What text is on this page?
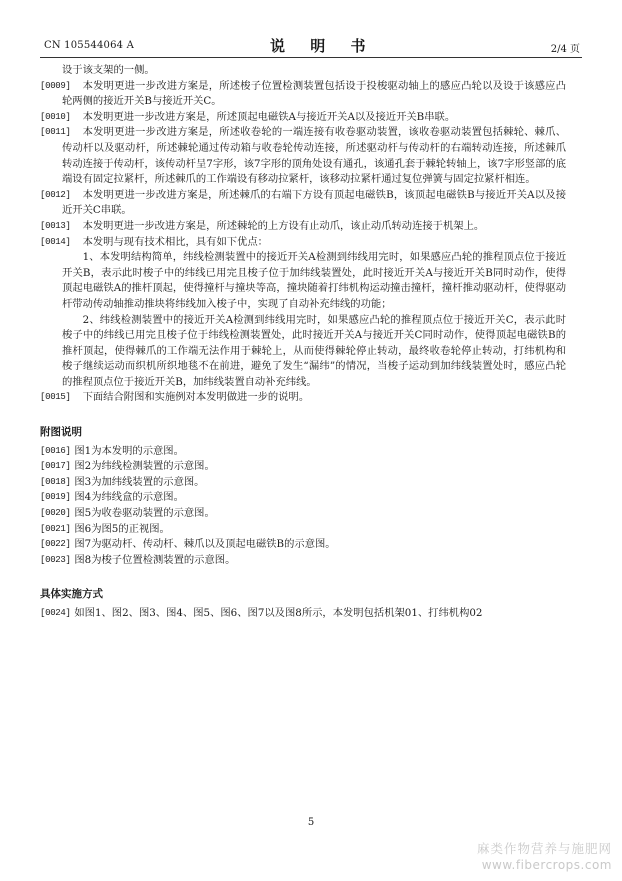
CN 105544064 A	说 明 书	2/4 页
设于该支架的一侧。
[0009]	本发明更进一步改进方案是，所述梭子位置检测装置包括设于投梭驱动轴上的感应凸轮以及设于该感应凸轮两侧的接近开关B与接近开关C。
[0010]	本发明更进一步改进方案是，所述顶起电磁铁A与接近开关A以及接近开关B串联。
[0011]	本发明更进一步改进方案是，所述收卷轮的一端连接有收卷驱动装置，该收卷驱动装置包括棘轮、棘爪、传动杆以及驱动杆，所述棘轮通过传动箱与收卷轮传动连接，所述驱动杆与传动杆的右端转动连接，所述棘爪转动连接于传动杆，该传动杆呈7字形，该7字形的顶角处设有通孔，该通孔套于棘轮转轴上，该7字形竖部的底端设有固定拉紧杆，所述棘爪的工作端设有移动拉紧杆，该移动拉紧杆通过复位弹簧与固定拉紧杆相连。
[0012]	本发明更进一步改进方案是，所述棘爪的右端下方设有顶起电磁铁B，该顶起电磁铁B与接近开关A以及接近开关C串联。
[0013]	本发明更进一步改进方案是，所述棘轮的上方设有止动爪，该止动爪转动连接于机架上。
[0014]	本发明与现有技术相比，具有如下优点：
1、本发明结构简单，纬线检测装置中的接近开关A检测到纬线用完时，如果感应凸轮的推程顶点位于接近开关B，表示此时梭子中的纬线已用完且梭子位于加纬线装置处，此时接近开关A与接近开关B同时动作，使得顶起电磁铁A的推杆顶起，使得撞杆与撞块等高，撞块随着打纬机构运动撞击撞杆，撞杆推动驱动杆，使得驱动杆带动传动轴推动推块将纬线加入梭子中，实现了自动补充纬线的功能；
2、纬线检测装置中的接近开关A检测到纬线用完时，如果感应凸轮的推程顶点位于接近开关C，表示此时梭子中的纬线已用完且梭子位于纬线检测装置处，此时接近开关A与接近开关C同时动作，使得顶起电磁铁B的推杆顶起，使得棘爪的工作端无法作用于棘轮上，从而使得棘轮停止转动，最终收卷轮停止转动，打纬机构和梭子继续运动而织机所织地毯不在前进，避免了发生“漏纬”的情况，当梭子运动到加纬线装置处时，感应凸轮的推程顶点位于接近开关B，加纬线装置自动补充纬线。
[0015]	下面结合附图和实施例对本发明做进一步的说明。
附图说明
[0016] 图1为本发明的示意图。
[0017] 图2为纬线检测装置的示意图。
[0018] 图3为加纬线装置的示意图。
[0019] 图4为纬线盒的示意图。
[0020] 图5为收卷驱动装置的示意图。
[0021] 图6为图5的正视图。
[0022] 图7为驱动杆、传动杆、棘爪以及顶起电磁铁B的示意图。
[0023] 图8为梭子位置检测装置的示意图。
具体实施方式
[0024] 如图1、图2、图3、图4、图5、图6、图7以及图8所示，本发明包括机架01、打纬机构02
5
麻类作物营养与施肥网
www.fibercrops.com
